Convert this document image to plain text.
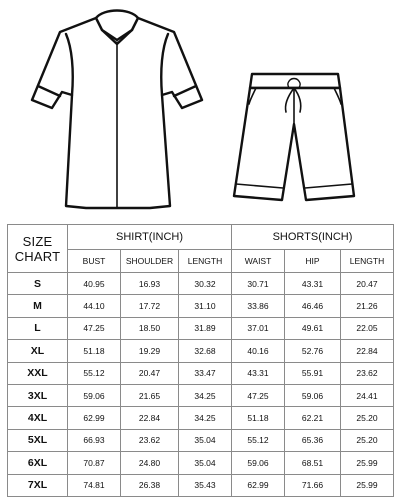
SIZE
CHART	SHIRT(INCH)			SHORTS(INCH)		
	BUST	SHOULDER	LENGTH	WAIST	HIP	LENGTH
S	40.95	16.93	30.32	30.71	43.31	20.47
M	44.10	17.72	31.10	33.86	46.46	21.26
L	47.25	18.50	31.89	37.01	49.61	22.05
XL	51.18	19.29	32.68	40.16	52.76	22.84
XXL	55.12	20.47	33.47	43.31	55.91	23.62
3XL	59.06	21.65	34.25	47.25	59.06	24.41
4XL	62.99	22.84	34.25	51.18	62.21	25.20
5XL	66.93	23.62	35.04	55.12	65.36	25.20
6XL	70.87	24.80	35.04	59.06	68.51	25.99
7XL	74.81	26.38	35.43	62.99	71.66	25.99
